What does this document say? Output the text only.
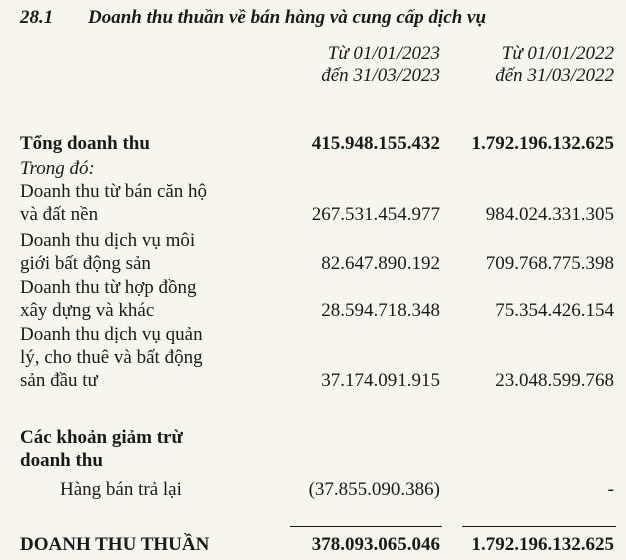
28.1 Doanh thu thuần về bán hàng và cung cấp dịch vụ
Từ 01/01/2023
đến 31/03/2023
Từ 01/01/2022
đến 31/03/2022
Tổng doanh thu	415.948.155.432 1.792.196.132.625
Trong đó:
Doanh thu từ bán căn hộ
và đất nền	267.531.454.977 984.024.331.305
Doanh thu dịch vụ môi
giới bất động sản	82.647.890.192 709.768.775.398
Doanh thu từ hợp đồng
xây dựng và khác	28.594.718.348	75.354.426.154
Doanh thu dịch vụ quản
lý, cho thuê và bất động
sản đầu tư	37.174.091.915	23.048.599.768
Các khoản giảm trừ
doanh thu
Hàng bán trả lại	(37.855.090.386)	-
DOANH THU THUẦN	378.093.065.046 1.792.196.132.625
